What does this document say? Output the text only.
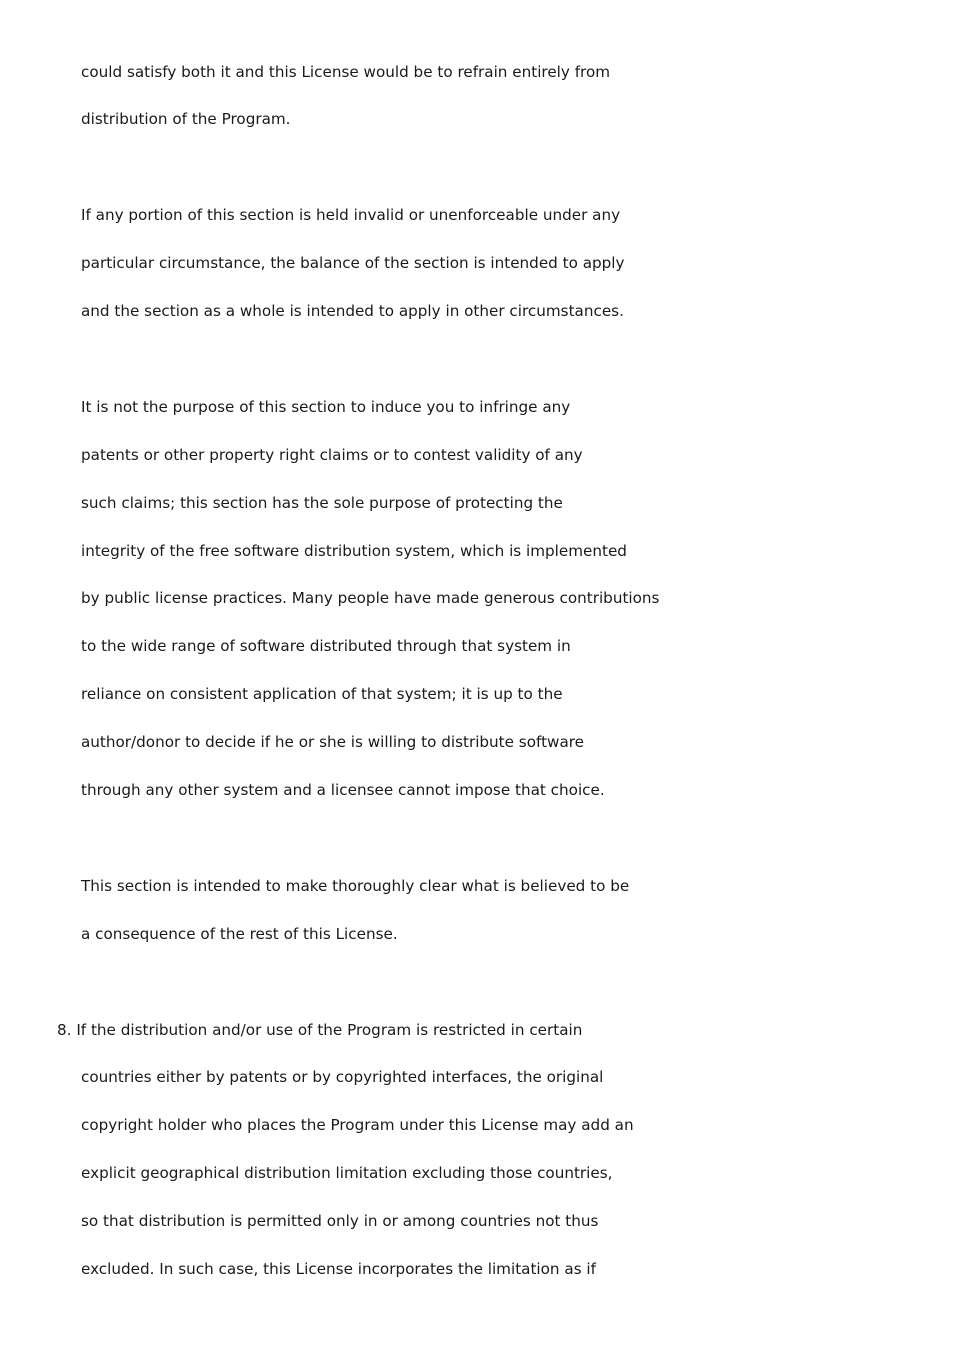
could satisfy both it and this License would be to refrain entirely from
distribution of the Program.
If any portion of this section is held invalid or unenforceable under any
particular circumstance, the balance of the section is intended to apply
and the section as a whole is intended to apply in other circumstances.
It is not the purpose of this section to induce you to infringe any
patents or other property right claims or to contest validity of any
such claims; this section has the sole purpose of protecting the
integrity of the free software distribution system, which is implemented
by public license practices. Many people have made generous contributions
to the wide range of software distributed through that system in
reliance on consistent application of that system; it is up to the
author/donor to decide if he or she is willing to distribute software
through any other system and a licensee cannot impose that choice.
This section is intended to make thoroughly clear what is believed to be
a consequence of the rest of this License.
8. If the distribution and/or use of the Program is restricted in certain
countries either by patents or by copyrighted interfaces, the original
copyright holder who places the Program under this License may add an
explicit geographical distribution limitation excluding those countries,
so that distribution is permitted only in or among countries not thus
excluded. In such case, this License incorporates the limitation as if
